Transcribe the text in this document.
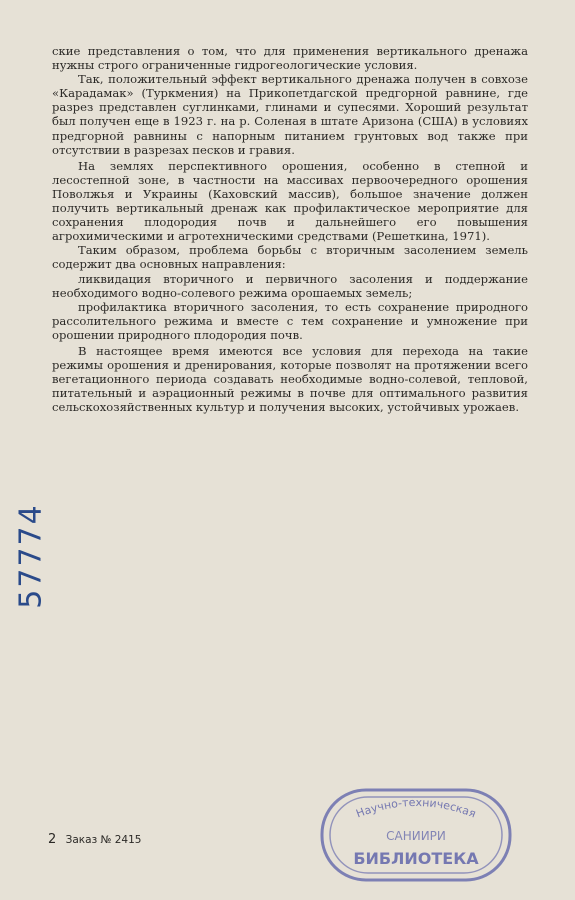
ские представления о том, что для применения вертикального дренажа нужны строго ограниченные гидрогеологические условия.

Так, положительный эффект вертикального дренажа получен в совхозе «Карадамак» (Туркмения) на Прикопетдагской предгорной равнине, где разрез представлен суглинками, глинами и супесями. Хороший результат был получен еще в 1923 г. на р. Соленая в штате Аризона (США) в условиях предгорной равнины с напорным питанием грунтовых вод также при отсутствии в разрезах песков и гравия.

На землях перспективного орошения, особенно в степной и лесостепной зоне, в частности на массивах первоочередного орошения Поволжья и Украины (Каховский массив), большое значение должен получить вертикальный дренаж как профилактическое мероприятие для сохранения плодородия почв и дальнейшего его повышения агрохимическими и агротехническими средствами (Решеткина, 1971).

Таким образом, проблема борьбы с вторичным засолением земель содержит два основных направления:

ликвидация вторичного и первичного засоления и поддержание необходимого водно-солевого режима орошаемых земель;

профилактика вторичного засоления, то есть сохранение природного рассолительного режима и вместе с тем сохранение и умножение при орошении природного плодородия почв.

В настоящее время имеются все условия для перехода на такие режимы орошения и дренирования, которые позволят на протяжении всего вегетационного периода создавать необходимые водно-солевой, тепловой, питательный и аэрационный режимы в почве для оптимального развития сельскохозяйственных культур и получения высоких, устойчивых урожаев.

57774
2 Заказ № 2415
Научно-техническая
САНИИРИ
БИБЛИОТЕКА
